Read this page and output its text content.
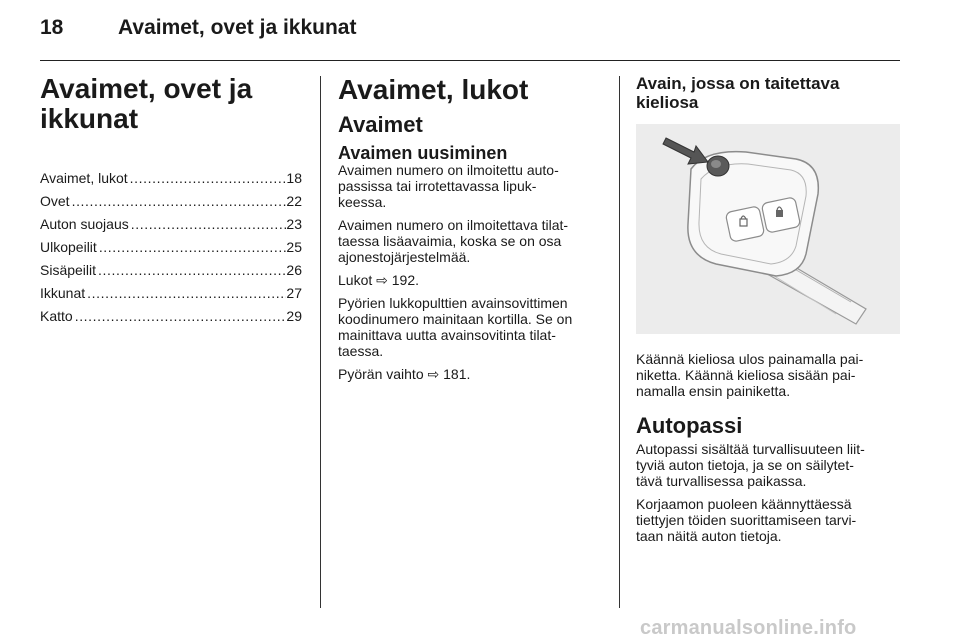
18	Avaimet, ovet ja ikkunat
Avaimet, ovet ja
ikkunat
Avaimet, lukot .....	18
Ovet .....	22
Auton suojaus .....	23
Ulkopeilit .....	25
Sisäpeilit .....	26
Ikkunat .....	27
Katto .....	29
Avaimet, lukot
Avaimet
Avaimen uusiminen
Avaimen numero on ilmoitettu auto-
passissa tai irrotettavassa lipuk-
keessa.
Avaimen numero on ilmoitettava tilat-
taessa lisäavaimia, koska se on osa
ajonestojärjestelmää.
Lukot ⇨ 192.
Pyörien lukkopulttien avainsovittimen
koodinumero mainitaan kortilla. Se on
mainittava uutta avainsovitinta tilat-
taessa.
Pyörän vaihto ⇨ 181.
Avain, jossa on taitettava
kieliosa
Käännä kieliosa ulos painamalla pai-
niketta. Käännä kieliosa sisään pai-
namalla ensin painiketta.
Autopassi
Autopassi sisältää turvallisuuteen liit-
tyviä auton tietoja, ja se on säilytet-
tävä turvallisessa paikassa.
Korjaamon puoleen käännyttäessä
tiettyjen töiden suorittamiseen tarvi-
taan näitä auton tietoja.
carmanualsonline.info
